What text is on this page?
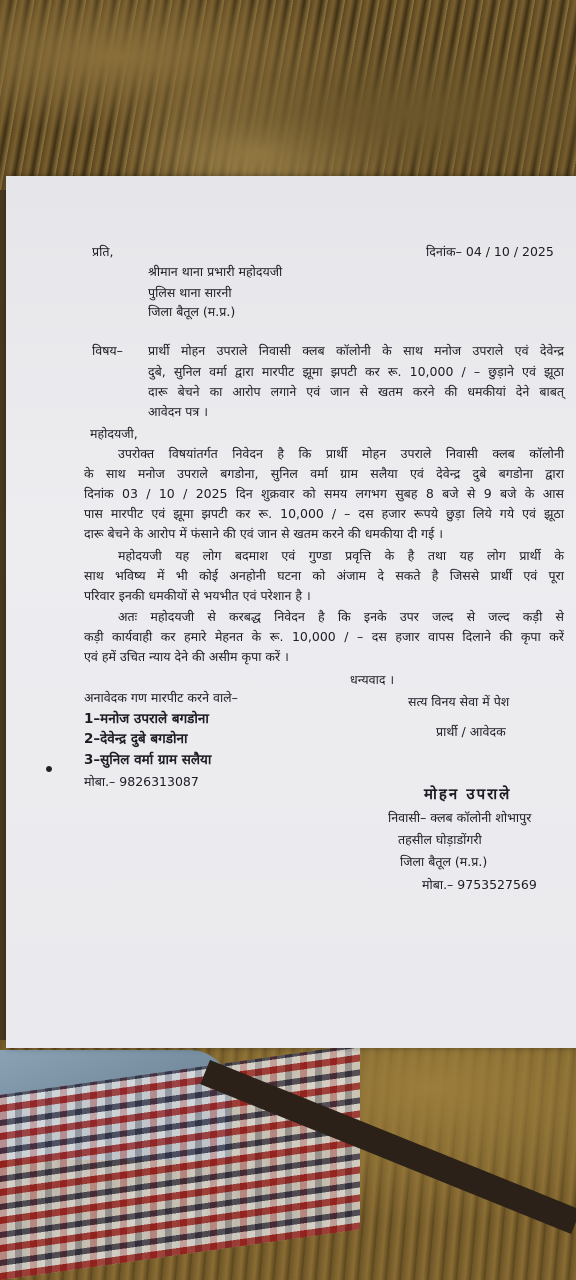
प्रति,	दिनांक– 04 / 10 / 2025
श्रीमान थाना प्रभारी महोदयजी
पुलिस थाना सारनी
जिला बैतूल (म.प्र.)
विषय– प्रार्थी मोहन उपराले निवासी क्लब कॉलोनी के साथ मनोज उपराले एवं देवेन्द्र
दुबे, सुनिल वर्मा द्वारा मारपीट झूमा झपटी कर रू. 10,000 / – छुड़ाने एवं झूठा
दारू बेचने का आरोप लगाने एवं जान से खतम करने की धमकीयां देने बाबत्
आवेदन पत्र ।
महोदयजी,
उपरोक्त विषयांतर्गत निवेदन है कि प्रार्थी मोहन उपराले निवासी क्लब कॉलोनी
के साथ मनोज उपराले बगडोना, सुनिल वर्मा ग्राम सलैया एवं देवेन्द्र दुबे बगडोना द्वारा
दिनांक 03 / 10 / 2025 दिन शुक्रवार को समय लगभग सुबह 8 बजे से 9 बजे के आस
पास मारपीट एवं झूमा झपटी कर रू. 10,000 / – दस हजार रूपये छुड़ा लिये गये एवं झूठा
दारू बेचने के आरोप में फंसाने की एवं जान से खतम करने की धमकीया दी गई ।
महोदयजी यह लोग बदमाश एवं गुण्डा प्रवृत्ति के है तथा यह लोग प्रार्थी के
साथ भविष्य में भी कोई अनहोनी घटना को अंजाम दे सकते है जिससे प्रार्थी एवं पूरा
परिवार इनकी धमकीयों से भयभीत एवं परेशान है ।
अतः महोदयजी से करबद्ध निवेदन है कि इनके उपर जल्द से जल्द कड़ी से
कड़ी कार्यवाही कर हमारे मेहनत के रू. 10,000 / – दस हजार वापस दिलाने की कृपा करें
एवं हमें उचित न्याय देने की असीम कृपा करें ।
धन्यवाद ।
अनावेदक गण मारपीट करने वाले–
1–मनोज उपराले बगडोना
2–देवेन्द्र दुबे बगडोना
3–सुनिल वर्मा ग्राम सलैया
मोबा.– 9826313087
सत्य विनय सेवा में पेश
प्रार्थी / आवेदक
मोहन उपराले
निवासी– क्लब कॉलोनी शोभापुर
तहसील घोड़ाडोंगरी
जिला बैतूल (म.प्र.)
मोबा.– 9753527569
